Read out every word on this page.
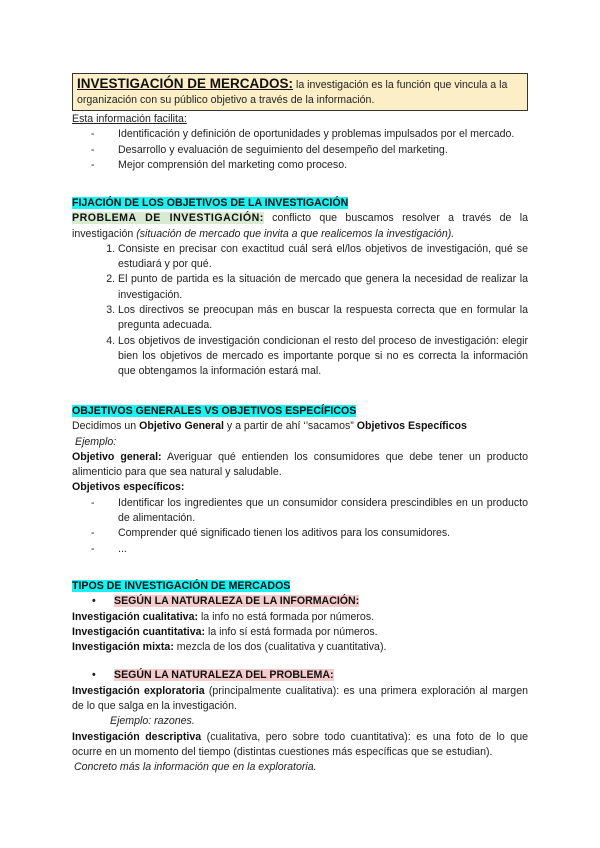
INVESTIGACIÓN DE MERCADOS: la investigación es la función que vincula a la organización con su público objetivo a través de la información.
Esta información facilita:
- Identificación y definición de oportunidades y problemas impulsados por el mercado.
- Desarrollo y evaluación de seguimiento del desempeño del marketing.
- Mejor comprensión del marketing como proceso.
FIJACIÓN DE LOS OBJETIVOS DE LA INVESTIGACIÓN
PROBLEMA DE INVESTIGACIÓN: conflicto que buscamos resolver a través de la investigación (situación de mercado que invita a que realicemos la investigación).
1. Consiste en precisar con exactitud cuál será el/los objetivos de investigación, qué se estudiará y por qué.
2. El punto de partida es la situación de mercado que genera la necesidad de realizar la investigación.
3. Los directivos se preocupan más en buscar la respuesta correcta que en formular la pregunta adecuada.
4. Los objetivos de investigación condicionan el resto del proceso de investigación: elegir bien los objetivos de mercado es importante porque si no es correcta la información que obtengamos la información estará mal.
OBJETIVOS GENERALES VS OBJETIVOS ESPECÍFICOS
Decidimos un Objetivo General y a partir de ahí ‘’sacamos” Objetivos Específicos
Ejemplo:
Objetivo general: Averiguar qué entienden los consumidores que debe tener un producto alimenticio para que sea natural y saludable.
Objetivos específicos:
- Identificar los ingredientes que un consumidor considera prescindibles en un producto de alimentación.
- Comprender qué significado tienen los aditivos para los consumidores.
- ...
TIPOS DE INVESTIGACIÓN DE MERCADOS
• SEGÚN LA NATURALEZA DE LA INFORMACIÓN:
Investigación cualitativa: la info no está formada por números.
Investigación cuantitativa: la info sí está formada por números.
Investigación mixta: mezcla de los dos (cualitativa y cuantitativa).
• SEGÚN LA NATURALEZA DEL PROBLEMA:
Investigación exploratoria (principalmente cualitativa): es una primera exploración al margen de lo que salga en la investigación.
Ejemplo: razones.
Investigación descriptiva (cualitativa, pero sobre todo cuantitativa): es una foto de lo que ocurre en un momento del tiempo (distintas cuestiones más específicas que se estudian).
Concreto más la información que en la exploratoria.
